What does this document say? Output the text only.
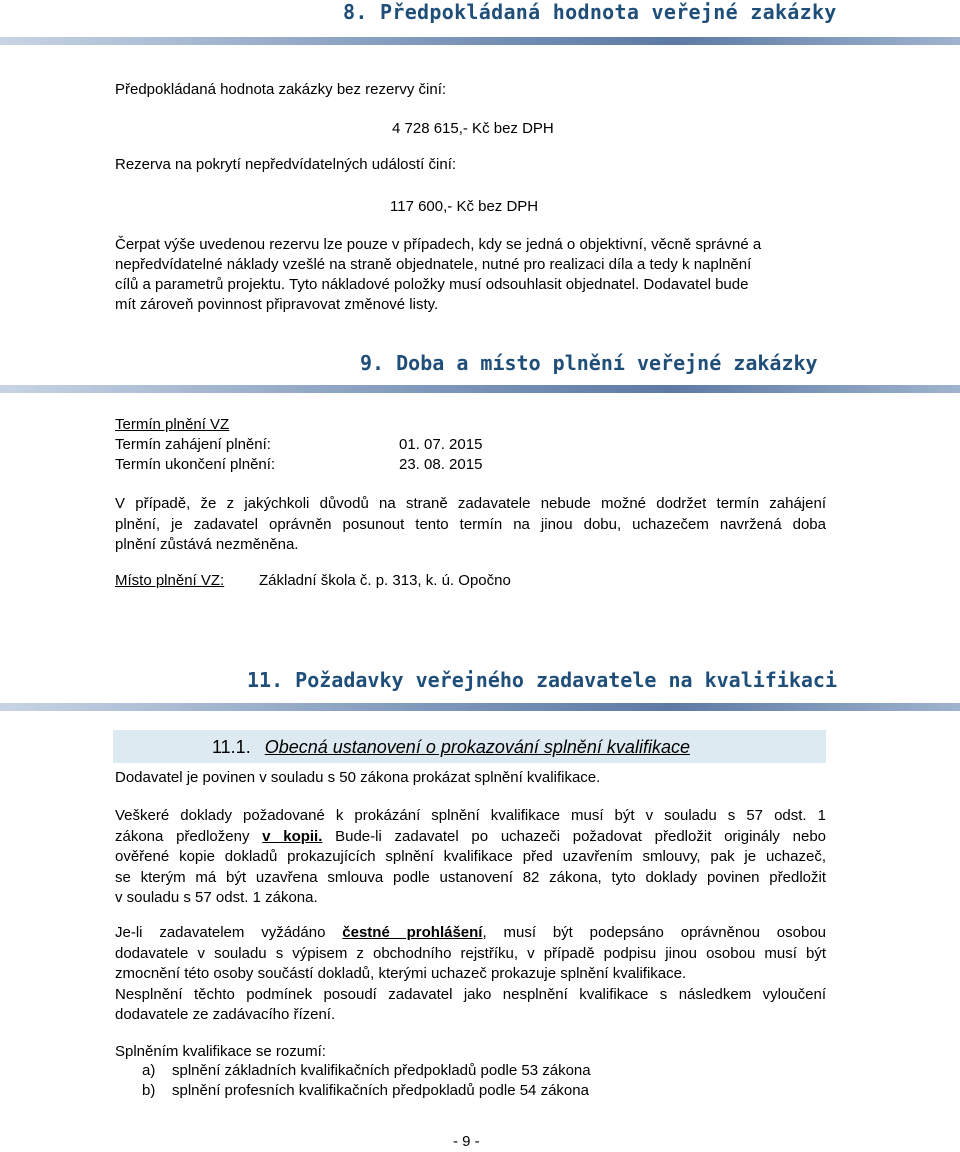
8. Předpokládaná hodnota veřejné zakázky
Předpokládaná hodnota zakázky bez rezervy činí:
4 728 615,- Kč bez DPH
Rezerva na pokrytí nepředvídatelných událostí činí:
117 600,- Kč bez DPH
Čerpat výše uvedenou rezervu lze pouze v případech, kdy se jedná o objektivní, věcně správné a
nepředvídatelné náklady vzešlé na straně objednatele, nutné pro realizaci díla a tedy k naplnění
cílů a parametrů projektu. Tyto nákladové položky musí odsouhlasit objednatel. Dodavatel bude
mít zároveň povinnost připravovat změnové listy.
9. Doba a místo plnění veřejné zakázky
Termín plnění VZ
Termín zahájení plnění:	01. 07. 2015
Termín ukončení plnění:	23. 08. 2015
V případě, že z jakýchkoli důvodů na straně zadavatele nebude možné dodržet termín zahájení
plnění, je zadavatel oprávněn posunout tento termín na jinou dobu, uchazečem navržená doba
plnění zůstává nezměněna.
Místo plnění VZ: Základní škola č. p. 313, k. ú. Opočno
11. Požadavky veřejného zadavatele na kvalifikaci
11.1. Obecná ustanovení o prokazování splnění kvalifikace
Dodavatel je povinen v souladu s 50 zákona prokázat splnění kvalifikace.
Veškeré doklady požadované k prokázání splnění kvalifikace musí být v souladu s 57 odst. 1
zákona předloženy v kopii. Bude-li zadavatel po uchazeči požadovat předložit originály nebo
ověřené kopie dokladů prokazujících splnění kvalifikace před uzavřením smlouvy, pak je uchazeč,
se kterým má být uzavřena smlouva podle ustanovení 82 zákona, tyto doklady povinen předložit
v souladu s 57 odst. 1 zákona.
Je-li zadavatelem vyžádáno čestné prohlášení, musí být podepsáno oprávněnou osobou
dodavatele v souladu s výpisem z obchodního rejstříku, v případě podpisu jinou osobou musí být
zmocnění této osoby součástí dokladů, kterými uchazeč prokazuje splnění kvalifikace.
Nesplnění těchto podmínek posoudí zadavatel jako nesplnění kvalifikace s následkem vyloučení
dodavatele ze zadávacího řízení.
Splněním kvalifikace se rozumí:
a) splnění základních kvalifikačních předpokladů podle 53 zákona
b) splnění profesních kvalifikačních předpokladů podle 54 zákona
- 9 -
